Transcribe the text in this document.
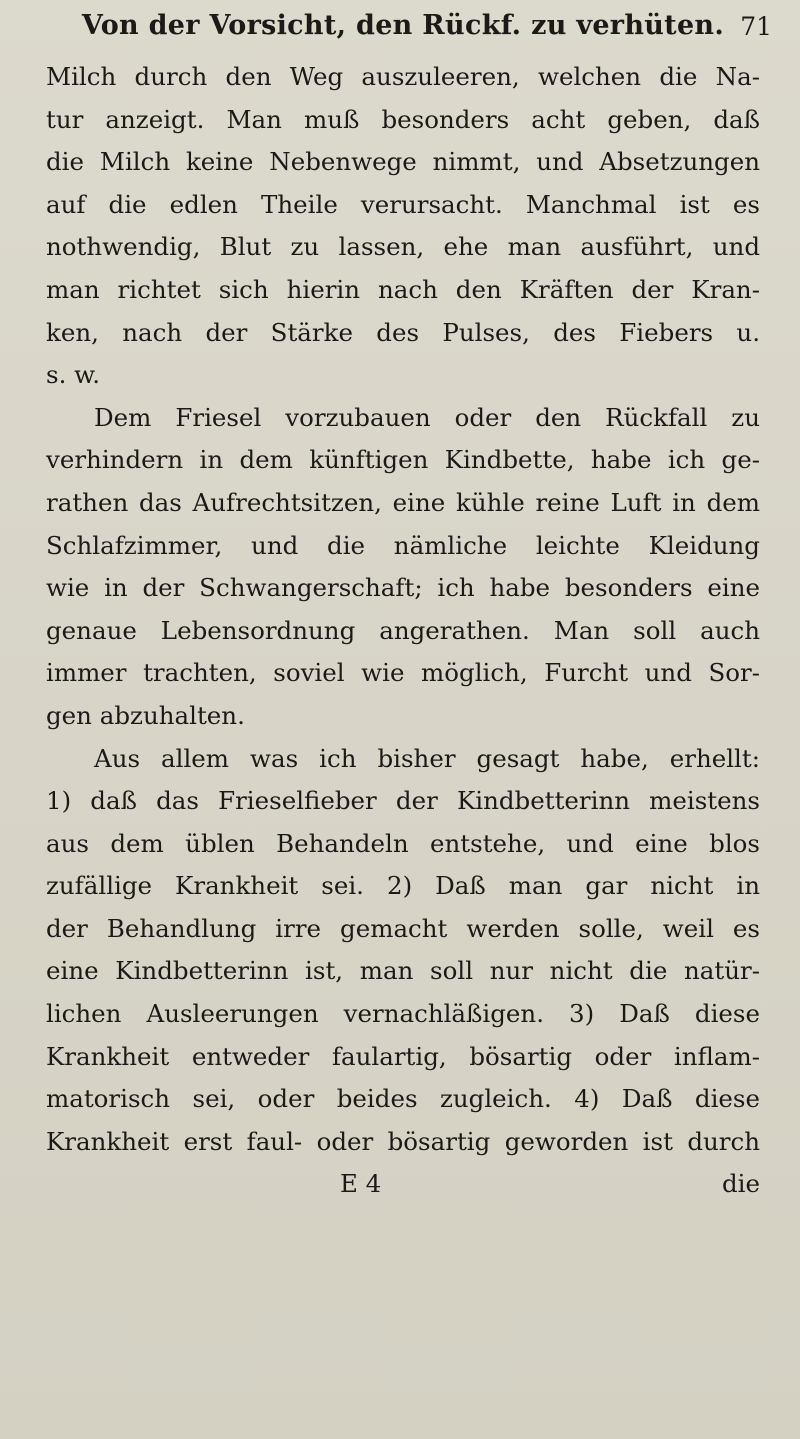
Von der Vorsicht, den Rückf. zu verhüten. 71
Milch durch den Weg auszuleeren, welchen die Na-
tur anzeigt. Man muß besonders acht geben, daß
die Milch keine Nebenwege nimmt, und Absetzungen
auf die edlen Theile verursacht. Manchmal ist es
nothwendig, Blut zu lassen, ehe man ausführt, und
man richtet sich hierin nach den Kräften der Kran-
ken, nach der Stärke des Pulses, des Fiebers u.
s. w.
Dem Friesel vorzubauen oder den Rückfall zu
verhindern in dem künftigen Kindbette, habe ich ge-
rathen das Aufrechtsitzen, eine kühle reine Luft in dem
Schlafzimmer, und die nämliche leichte Kleidung
wie in der Schwangerschaft; ich habe besonders eine
genaue Lebensordnung angerathen. Man soll auch
immer trachten, soviel wie möglich, Furcht und Sor-
gen abzuhalten.
Aus allem was ich bisher gesagt habe, erhellt:
1) daß das Frieselfieber der Kindbetterinn meistens
aus dem üblen Behandeln entstehe, und eine blos
zufällige Krankheit sei. 2) Daß man gar nicht in
der Behandlung irre gemacht werden solle, weil es
eine Kindbetterinn ist, man soll nur nicht die natür-
lichen Ausleerungen vernachläßigen. 3) Daß diese
Krankheit entweder faulartig, bösartig oder inflam-
matorisch sei, oder beides zugleich. 4) Daß diese
Krankheit erst faul- oder bösartig geworden ist durch
E 4	die
